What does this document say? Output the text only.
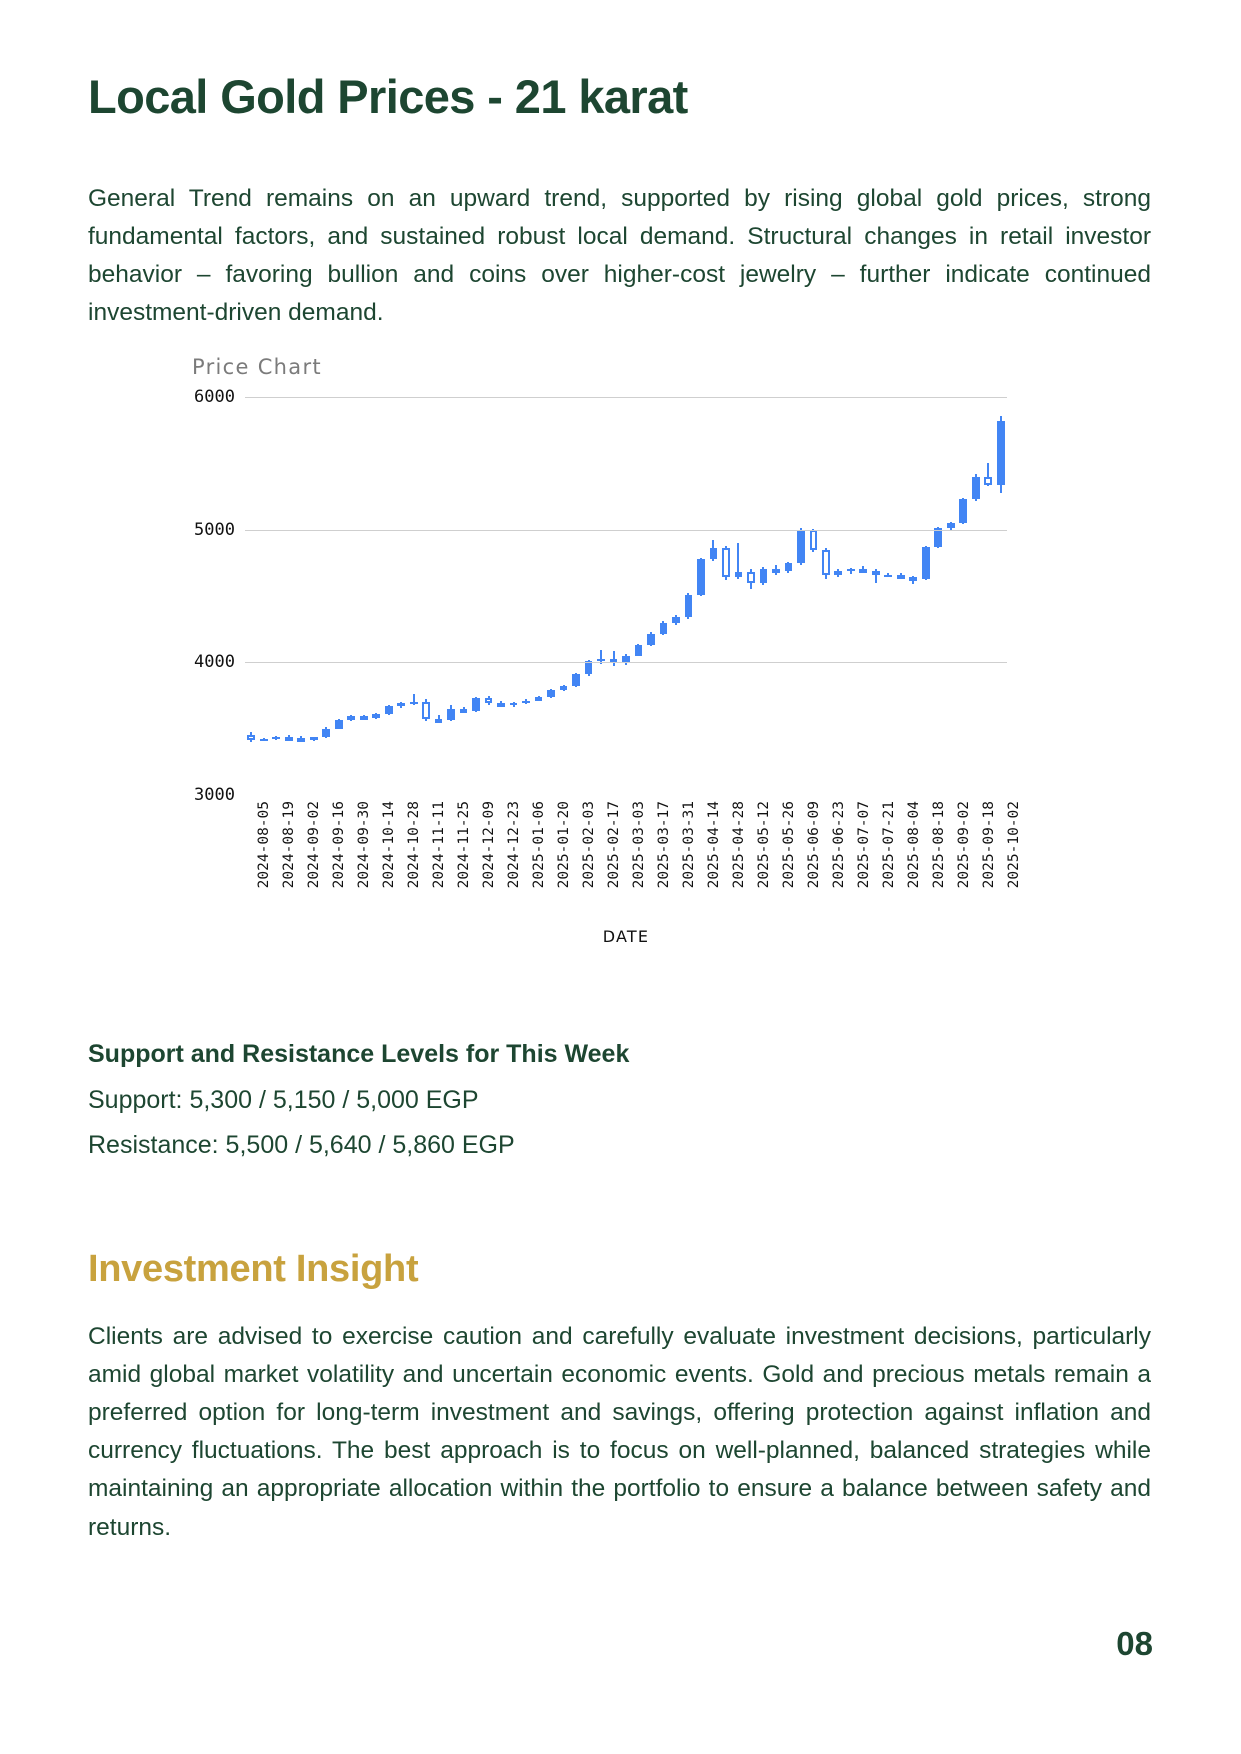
Local Gold Prices - 21 karat

General Trend remains on an upward trend, supported by rising global gold prices, strong fundamental factors, and sustained robust local demand. Structural changes in retail investor behavior – favoring bullion and coins over higher-cost jewelry – further indicate continued investment-driven demand.

Price Chart
3000
4000
5000
6000
2024-08-05 2024-08-19 2024-09-02 2024-09-16 2024-09-30 2024-10-14 2024-10-28 2024-11-11 2024-11-25 2024-12-09 2024-12-23 2025-01-06 2025-01-20 2025-02-03 2025-02-17 2025-03-03 2025-03-17 2025-03-31 2025-04-14 2025-04-28 2025-05-12 2025-05-26 2025-06-09 2025-06-23 2025-07-07 2025-07-21 2025-08-04 2025-08-18 2025-09-02 2025-09-18 2025-10-02
DATE
Support and Resistance Levels for This Week
Support: 5,300 / 5,150 / 5,000 EGP
Resistance: 5,500 / 5,640 / 5,860 EGP
Investment Insight

Clients are advised to exercise caution and carefully evaluate investment decisions, particularly amid global market volatility and uncertain economic events. Gold and precious metals remain a preferred option for long-term investment and savings, offering protection against inflation and currency fluctuations. The best approach is to focus on well-planned, balanced strategies while maintaining an appropriate allocation within the portfolio to ensure a balance between safety and returns.

08
